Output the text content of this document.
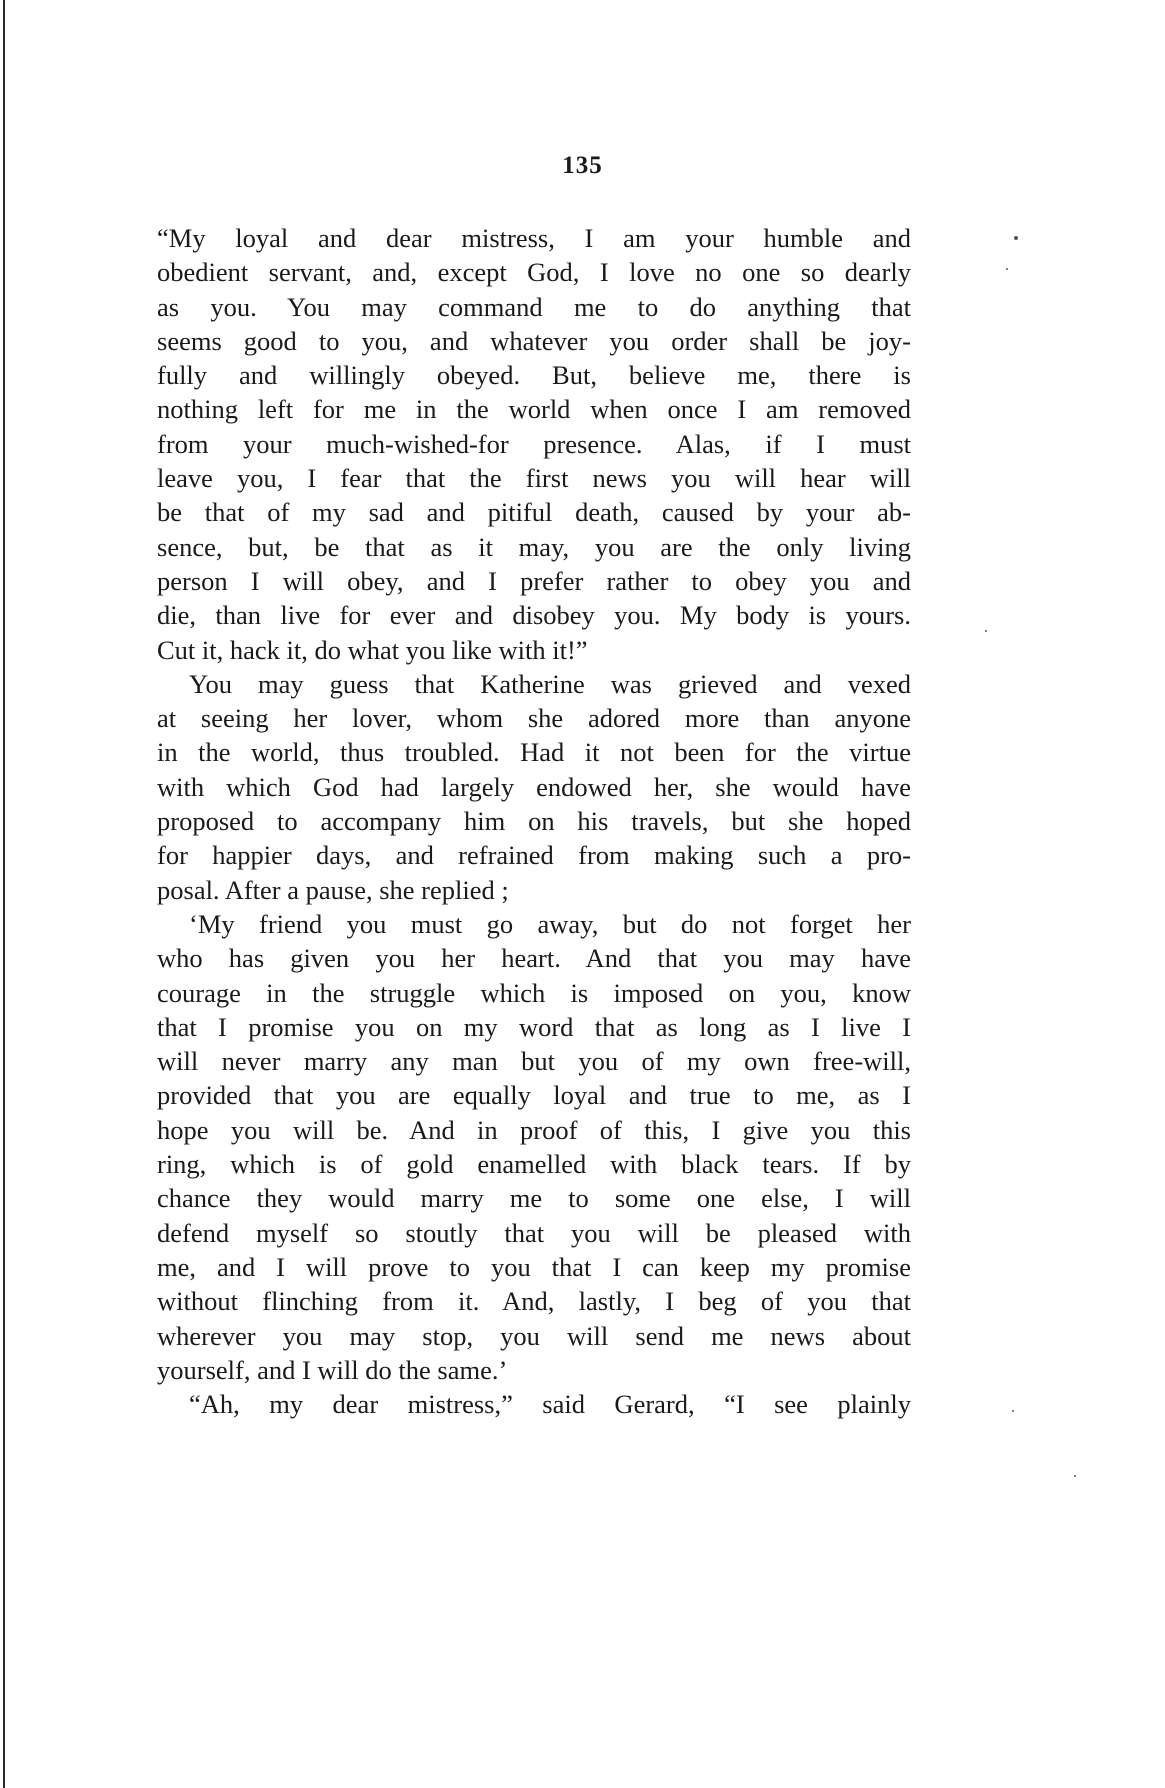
135
“My loyal and dear mistress, I am your humble and
obedient servant, and, except God, I love no one so dearly
as you. You may command me to do anything that
seems good to you, and whatever you order shall be joy-
fully and willingly obeyed. But, believe me, there is
nothing left for me in the world when once I am removed
from your much-wished-for presence. Alas, if I must
leave you, I fear that the first news you will hear will
be that of my sad and pitiful death, caused by your ab-
sence, but, be that as it may, you are the only living
person I will obey, and I prefer rather to obey you and
die, than live for ever and disobey you. My body is yours.
Cut it, hack it, do what you like with it!”
You may guess that Katherine was grieved and vexed
at seeing her lover, whom she adored more than anyone
in the world, thus troubled. Had it not been for the virtue
with which God had largely endowed her, she would have
proposed to accompany him on his travels, but she hoped
for happier days, and refrained from making such a pro-
posal. After a pause, she replied ;
‘My friend you must go away, but do not forget her
who has given you her heart. And that you may have
courage in the struggle which is imposed on you, know
that I promise you on my word that as long as I live I
will never marry any man but you of my own free-will,
provided that you are equally loyal and true to me, as I
hope you will be. And in proof of this, I give you this
ring, which is of gold enamelled with black tears. If by
chance they would marry me to some one else, I will
defend myself so stoutly that you will be pleased with
me, and I will prove to you that I can keep my promise
without flinching from it. And, lastly, I beg of you that
wherever you may stop, you will send me news about
yourself, and I will do the same.’
“Ah, my dear mistress,” said Gerard, “I see plainly
